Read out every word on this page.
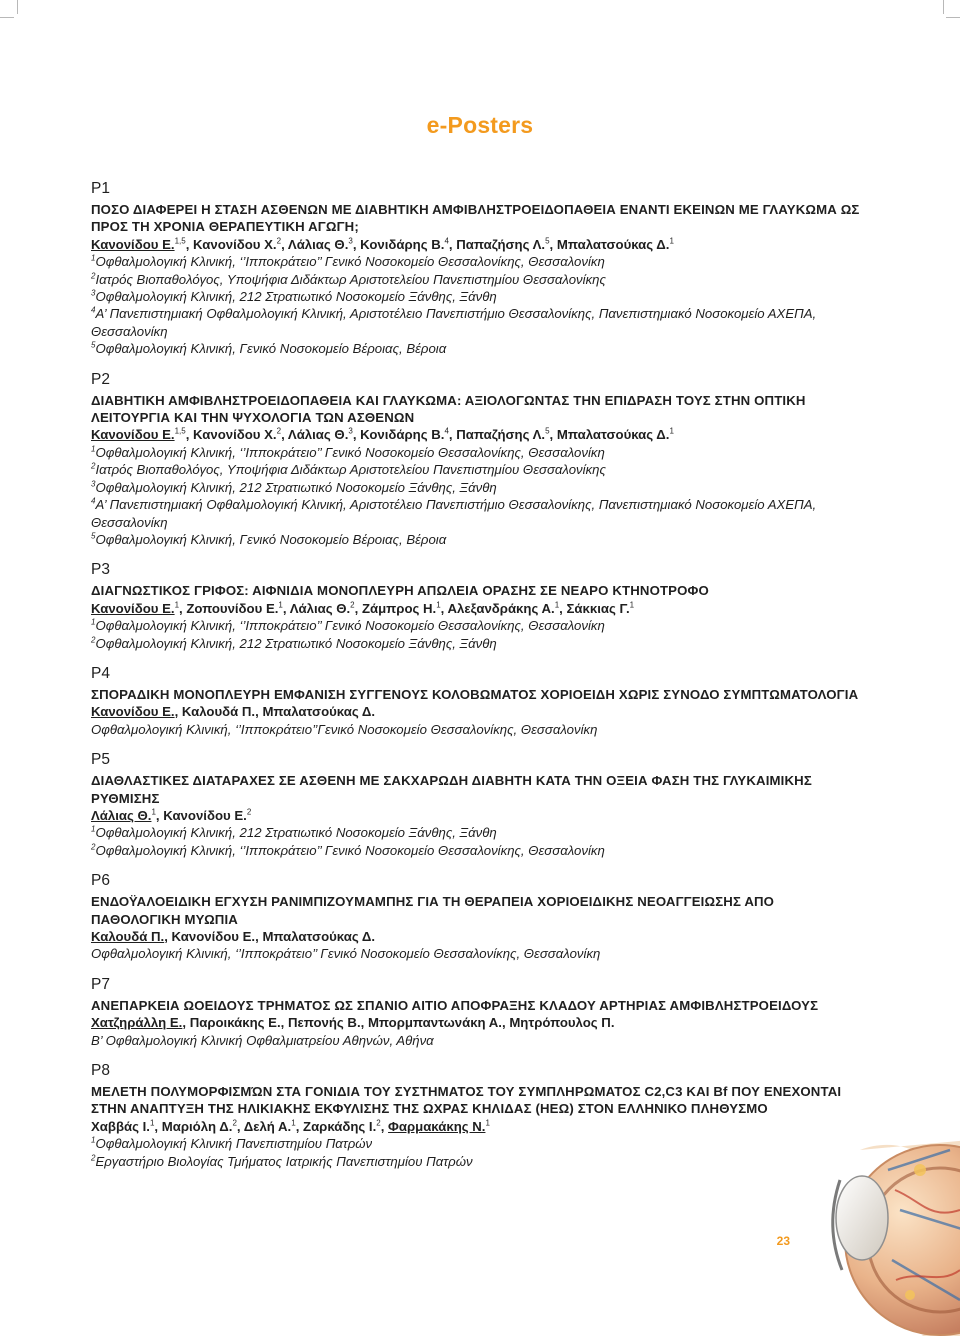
e-Posters
P1
ΠΟΣΟ ΔΙΑΦΕΡΕΙ Η ΣΤΑΣΗ ΑΣΘΕΝΩΝ ΜΕ ΔΙΑΒΗΤΙΚΗ ΑΜΦΙΒΛΗΣΤΡΟΕΙΔΟΠΑΘΕΙΑ ΕΝΑΝΤΙ ΕΚΕΙΝΩΝ ΜΕ ΓΛΑΥΚΩΜΑ ΩΣ ΠΡΟΣ ΤΗ ΧΡΟΝΙΑ ΘΕΡΑΠΕΥΤΙΚΗ ΑΓΩΓΗ;
Κανονίδου Ε.$^{1,5}$, Κανονίδου Χ.$^2$, Λάλιας Θ.$^3$, Κονιδάρης Β.$^4$, Παπαζήσης Λ.$^5$, Μπαλατσούκας Δ.$^1$
$^1$Οφθαλμολογική Κλινική, ‘’Ιπποκράτειο’’ Γενικό Νοσοκομείο Θεσσαλονίκης, Θεσσαλονίκη
$^2$Ιατρός Βιοπαθολόγος, Υποψήφια Διδάκτωρ Αριστοτελείου Πανεπιστημίου Θεσσαλονίκης
$^3$Οφθαλμολογική Κλινική, 212 Στρατιωτικό Νοσοκομείο Ξάνθης, Ξάνθη
$^4$Α’ Πανεπιστημιακή Οφθαλμολογική Κλινική, Αριστοτέλειο Πανεπιστήμιο Θεσσαλονίκης, Πανεπιστημιακό Νοσοκομείο ΑΧΕΠΑ, Θεσσαλονίκη
$^5$Οφθαλμολογική Κλινική, Γενικό Νοσοκομείο Βέροιας, Βέροια
P2
ΔΙΑΒΗΤΙΚΗ ΑΜΦΙΒΛΗΣΤΡΟΕΙΔΟΠΑΘΕΙΑ ΚΑΙ ΓΛΑΥΚΩΜΑ: ΑΞΙΟΛΟΓΩΝΤΑΣ ΤΗΝ ΕΠΙΔΡΑΣΗ ΤΟΥΣ ΣΤΗΝ ΟΠΤΙΚΗ ΛΕΙΤΟΥΡΓΙΑ ΚΑΙ ΤΗΝ ΨΥΧΟΛΟΓΙΑ ΤΩΝ ΑΣΘΕΝΩΝ
Κανονίδου Ε.$^{1,5}$, Κανονίδου Χ.$^2$, Λάλιας Θ.$^3$, Κονιδάρης Β.$^4$, Παπαζήσης Λ.$^5$, Μπαλατσούκας Δ.$^1$
$^1$Οφθαλμολογική Κλινική, ‘’Ιπποκράτειο’’ Γενικό Νοσοκομείο Θεσσαλονίκης, Θεσσαλονίκη
$^2$Ιατρός Βιοπαθολόγος, Υποψήφια Διδάκτωρ Αριστοτελείου Πανεπιστημίου Θεσσαλονίκης
$^3$Οφθαλμολογική Κλινική, 212 Στρατιωτικό Νοσοκομείο Ξάνθης, Ξάνθη
$^4$Α’ Πανεπιστημιακή Οφθαλμολογική Κλινική, Αριστοτέλειο Πανεπιστήμιο Θεσσαλονίκης, Πανεπιστημιακό Νοσοκομείο ΑΧΕΠΑ, Θεσσαλονίκη
$^5$Οφθαλμολογική Κλινική, Γενικό Νοσοκομείο Βέροιας, Βέροια
P3
ΔΙΑΓΝΩΣΤΙΚΟΣ ΓΡΙΦΟΣ: ΑΙΦΝΙΔΙΑ ΜΟΝΟΠΛΕΥΡΗ ΑΠΩΛΕΙΑ ΟΡΑΣΗΣ ΣΕ ΝΕΑΡΟ ΚΤΗΝΟΤΡΟΦΟ
Κανονίδου Ε.$^1$, Ζοπουνίδου Ε.$^1$, Λάλιας Θ.$^2$, Ζάμπρος Η.$^1$, Αλεξανδράκης Α.$^1$, Σάκκιας Γ.$^1$
$^1$Οφθαλμολογική Κλινική, ‘’Ιπποκράτειο’’ Γενικό Νοσοκομείο Θεσσαλονίκης, Θεσσαλονίκη
$^2$Οφθαλμολογική Κλινική, 212 Στρατιωτικό Νοσοκομείο Ξάνθης, Ξάνθη
P4
ΣΠΟΡΑΔΙΚΗ ΜΟΝΟΠΛΕΥΡΗ ΕΜΦΑΝΙΣΗ ΣΥΓΓΕΝΟΥΣ ΚΟΛΟΒΩΜΑΤΟΣ ΧΟΡΙΟΕΙΔΗ ΧΩΡΙΣ ΣΥΝΟΔΟ ΣΥΜΠΤΩΜΑΤΟΛΟΓΙΑ
Κανονίδου Ε., Καλουδά Π., Μπαλατσούκας Δ.
Οφθαλμολογική Κλινική, ‘’Ιπποκράτειο’’Γενικό Νοσοκομείο Θεσσαλονίκης, Θεσσαλονίκη
P5
ΔΙΑΘΛΑΣΤΙΚΕΣ ΔΙΑΤΑΡΑΧΕΣ ΣΕ ΑΣΘΕΝΗ ΜΕ ΣΑΚΧΑΡΩΔΗ ΔΙΑΒΗΤΗ ΚΑΤΑ ΤΗΝ ΟΞΕΙΑ ΦΑΣΗ ΤΗΣ ΓΛΥΚΑΙΜΙΚΗΣ ΡΥΘΜΙΣΗΣ
Λάλιας Θ.$^1$, Κανονίδου Ε.$^2$
$^1$Οφθαλμολογική Κλινική, 212 Στρατιωτικό Νοσοκομείο Ξάνθης, Ξάνθη
$^2$Οφθαλμολογική Κλινική, ‘’Ιπποκράτειο’’ Γενικό Νοσοκομείο Θεσσαλονίκης, Θεσσαλονίκη
P6
ΕΝΔΟΫΑΛΟΕΙΔΙΚΗ ΕΓΧΥΣΗ ΡΑΝΙΜΠΙΖΟΥΜΑΜΠΗΣ ΓΙΑ ΤΗ ΘΕΡΑΠΕΙΑ ΧΟΡΙΟΕΙΔΙΚΗΣ ΝΕΟΑΓΓΕΙΩΣΗΣ ΑΠΟ ΠΑΘΟΛΟΓΙΚΗ ΜΥΩΠΙΑ
Καλουδά Π., Κανονίδου Ε., Μπαλατσούκας Δ.
Οφθαλμολογική Κλινική, ‘’Ιπποκράτειο’’ Γενικό Νοσοκομείο Θεσσαλονίκης, Θεσσαλονίκη
P7
ΑΝΕΠΑΡΚΕΙΑ ΩΟΕΙΔΟΥΣ ΤΡΗΜΑΤΟΣ ΩΣ ΣΠΑΝΙΟ ΑΙΤΙΟ ΑΠΟΦΡΑΞΗΣ ΚΛΑΔΟΥ ΑΡΤΗΡΙΑΣ ΑΜΦΙΒΛΗΣΤΡΟΕΙΔΟΥΣ
Χατζηράλλη Ε., Παροικάκης Ε., Πεπονής Β., Μπορμπαντωνάκη Α., Μητρόπουλος Π.
Β’ Οφθαλμολογική Κλινική Οφθαλμιατρείου Αθηνών, Αθήνα
P8
ΜΕΛΕΤΗ ΠΟΛΥΜΟΡΦΙΣΜΏΝ ΣΤΑ ΓΟΝΙΔΙΑ ΤΟΥ ΣΥΣΤΗΜΑΤΟΣ ΤΟΥ ΣΥΜΠΛΗΡΩΜΑΤΟΣ C2,C3 ΚΑΙ Bf ΠΟΥ ΕΝΕΧΟΝΤΑΙ ΣΤΗΝ ΑΝΑΠΤΥΞΗ ΤΗΣ ΗΛΙΚΙΑΚΗΣ ΕΚΦΥΛΙΣΗΣ ΤΗΣ ΩΧΡΑΣ ΚΗΛΙΔΑΣ (ΗΕΩ) ΣΤΟΝ ΕΛΛΗΝΙΚΟ ΠΛΗΘΥΣΜΟ
Χαββάς Ι.$^1$, Μαριόλη Δ.$^2$, Δελή Α.$^1$, Ζαρκάδης Ι.$^2$, Φαρμακάκης Ν.$^1$
$^1$Οφθαλμολογική Κλινική Πανεπιστημίου Πατρών
$^2$Εργαστήριο Βιολογίας Τμήματος Ιατρικής Πανεπιστημίου Πατρών
23
